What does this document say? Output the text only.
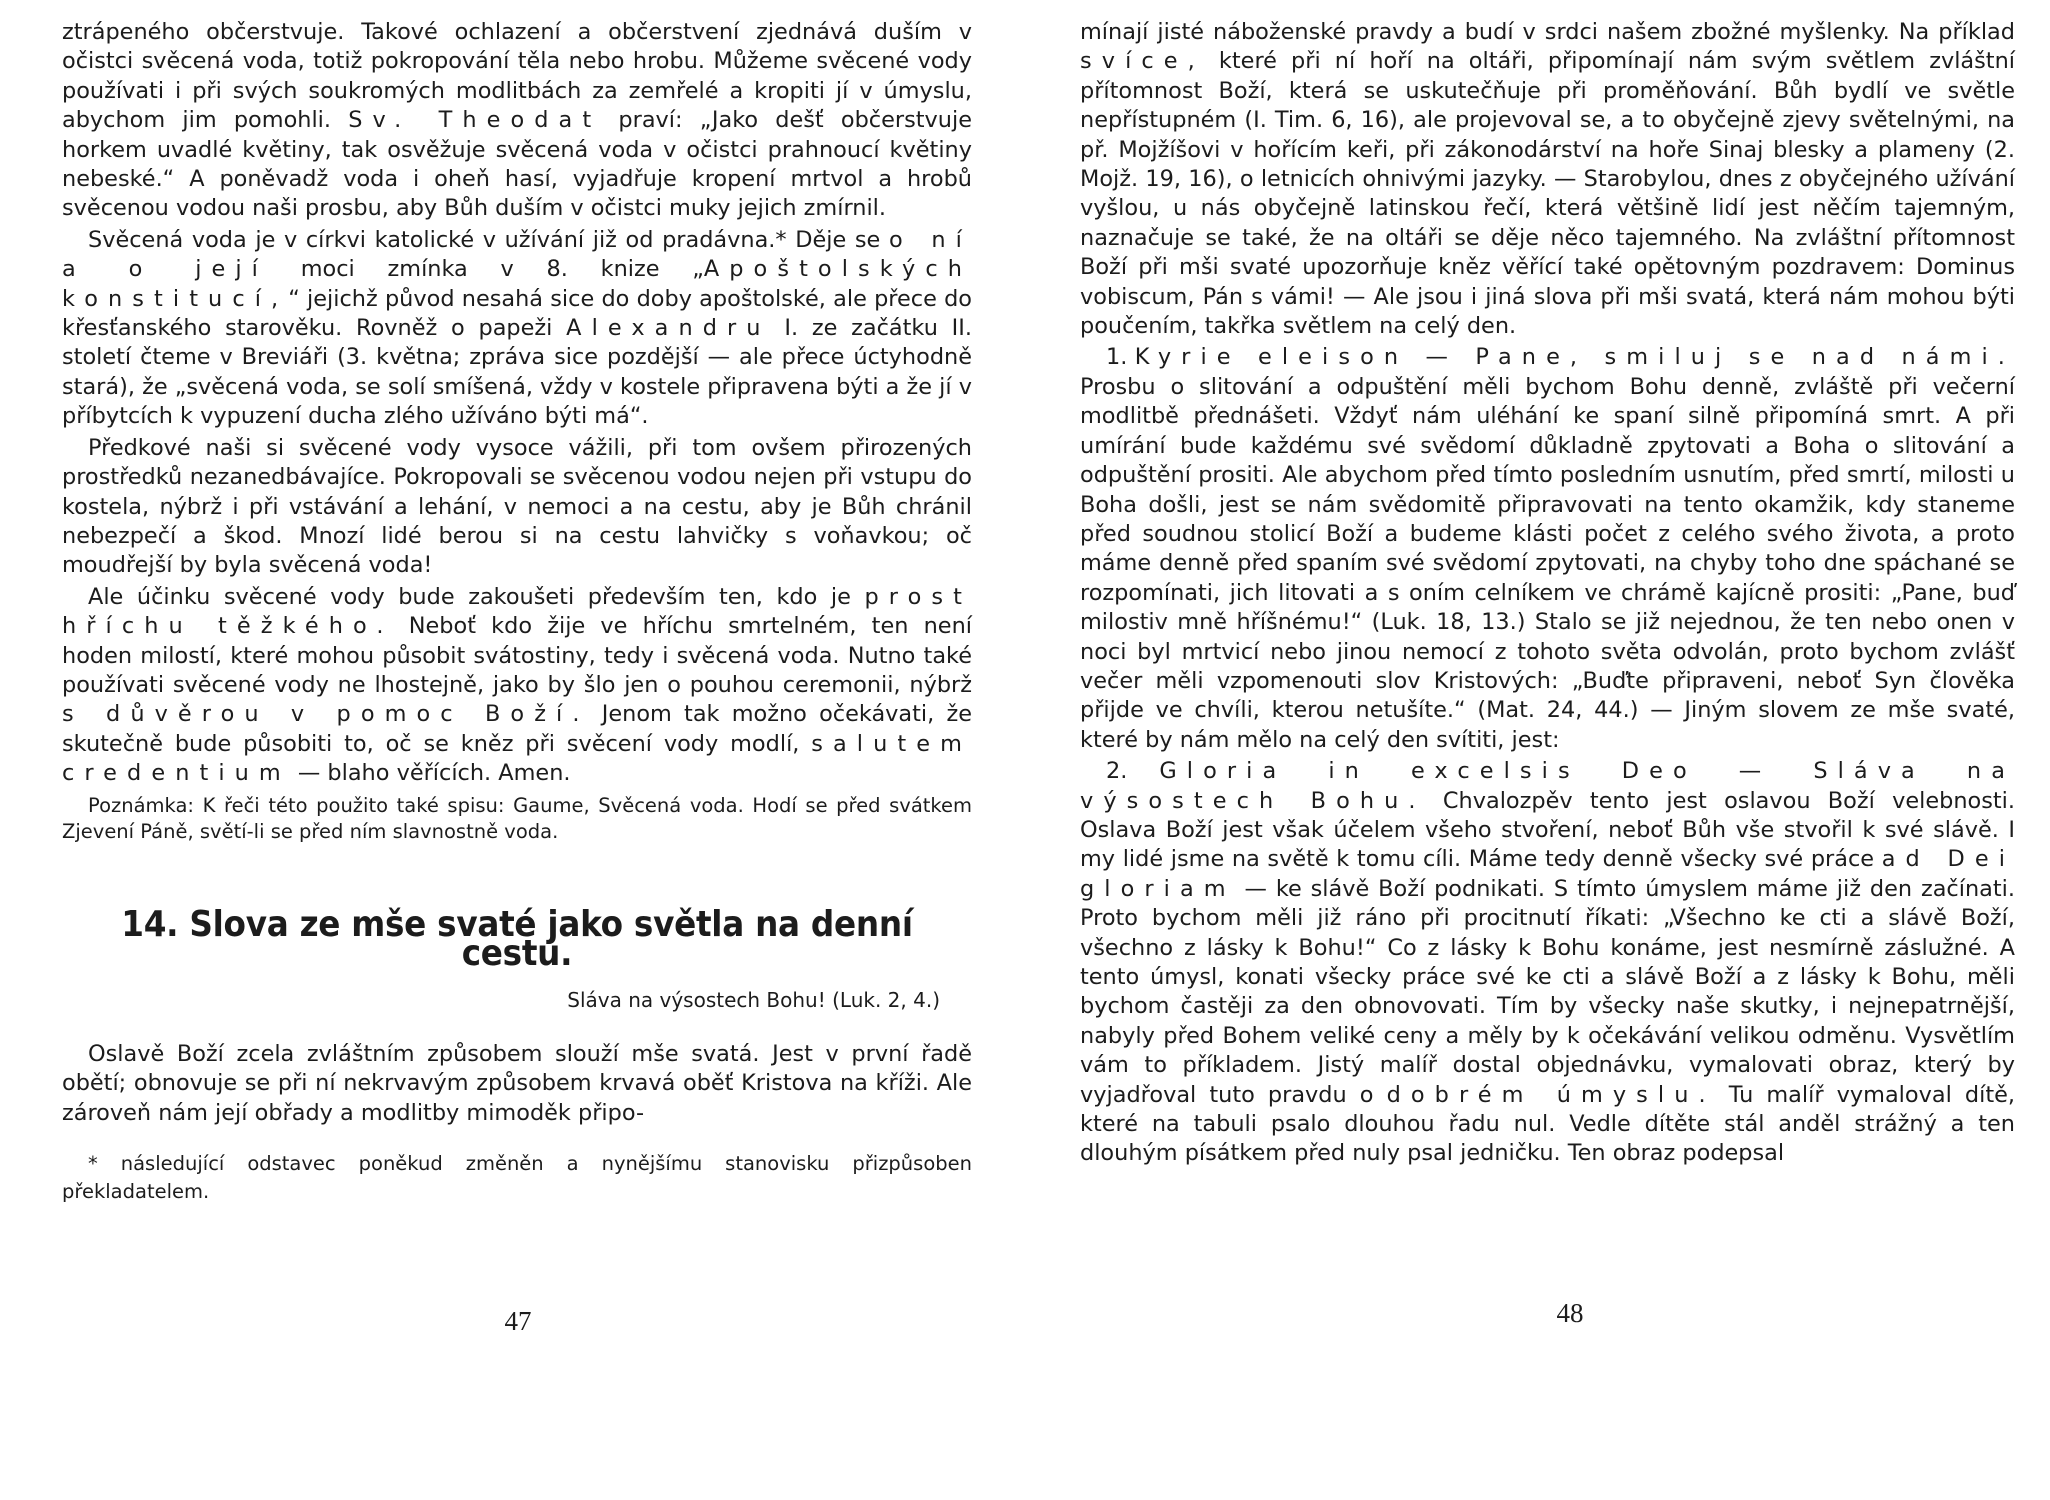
ztrápeného občerstvuje. Takové ochlazení a občerstvení zjednává duším v očistci svěcená voda, totiž pokropování těla nebo hrobu. Můžeme svěcené vody používati i při svých soukromých modlitbách za zemřelé a kropiti jí v úmyslu, abychom jim pomohli. Sv. Theodat praví: „Jako dešť občerstvuje horkem uvadlé květiny, tak osvěžuje svěcená voda v očistci prahnoucí květiny nebeské.“ A poněvadž voda i oheň hasí, vyjadřuje kropení mrtvol a hrobů svěcenou vodou naši prosbu, aby Bůh duším v očistci muky jejich zmírnil.

Svěcená voda je v církvi katolické v užívání již od pradávna.* Děje se o ní a o její moci zmínka v 8. knize „Apoštolských konstitucí,“ jejichž původ nesahá sice do doby apoštolské, ale přece do křesťanského starověku. Rovněž o papeži Alexandru I. ze začátku II. století čteme v Breviáři (3. května; zpráva sice pozdější — ale přece úctyhodně stará), že „svěcená voda, se solí smíšená, vždy v kostele připravena býti a že jí v příbytcích k vypuzení ducha zlého užíváno býti má“.

Předkové naši si svěcené vody vysoce vážili, při tom ovšem přirozených prostředků nezanedbávajíce. Pokropovali se svěcenou vodou nejen při vstupu do kostela, nýbrž i při vstávání a lehání, v nemoci a na cestu, aby je Bůh chránil nebezpečí a škod. Mnozí lidé berou si na cestu lahvičky s voňavkou; oč moudřejší by byla svěcená voda!

Ale účinku svěcené vody bude zakoušeti především ten, kdo je prost hříchu těžkého. Neboť kdo žije ve hříchu smrtelném, ten není hoden milostí, které mohou působit svátostiny, tedy i svěcená voda. Nutno také používati svěcené vody ne lhostejně, jako by šlo jen o pouhou ceremonii, nýbrž s důvěrou v pomoc Boží. Jenom tak možno očekávati, že skutečně bude působiti to, oč se kněz při svěcení vody modlí, salutem credentium — blaho věřících. Amen.

Poznámka: K řeči této použito také spisu: Gaume, Svěcená voda. Hodí se před svátkem Zjevení Páně, světí-li se před ním slavnostně voda.

14. Slova ze mše svaté jako světla na denní cestu.

Sláva na výsostech Bohu! (Luk. 2, 4.)

Oslavě Boží zcela zvláštním způsobem slouží mše svatá. Jest v první řadě obětí; obnovuje se při ní nekrvavým způsobem krvavá oběť Kristova na kříži. Ale zároveň nám její obřady a modlitby mimoděk připo-

* následující odstavec poněkud změněn a nynějšímu stanovisku přizpůsoben překladatelem.

47

mínají jisté náboženské pravdy a budí v srdci našem zbožné myšlenky. Na příklad svíce, které při ní hoří na oltáři, připomínají nám svým světlem zvláštní přítomnost Boží, která se uskutečňuje při proměňování. Bůh bydlí ve světle nepřístupném (I. Tim. 6, 16), ale projevoval se, a to obyčejně zjevy světelnými, na př. Mojžíšovi v hořícím keři, při zákonodárství na hoře Sinaj blesky a plameny (2. Mojž. 19, 16), o letnicích ohnivými jazyky. — Starobylou, dnes z obyčejného užívání vyšlou, u nás obyčejně latinskou řečí, která většině lidí jest něčím tajemným, naznačuje se také, že na oltáři se děje něco tajemného. Na zvláštní přítomnost Boží při mši svaté upozorňuje kněz věřící také opětovným pozdravem: Dominus vobiscum, Pán s vámi! — Ale jsou i jiná slova při mši svatá, která nám mohou býti poučením, takřka světlem na celý den.

1. Kyrie eleison — Pane, smiluj se nad námi. Prosbu o slitování a odpuštění měli bychom Bohu denně, zvláště při večerní modlitbě přednášeti. Vždyť nám uléhání ke spaní silně připomíná smrt. A při umírání bude každému své svědomí důkladně zpytovati a Boha o slitování a odpuštění prositi. Ale abychom před tímto posledním usnutím, před smrtí, milosti u Boha došli, jest se nám svědomitě připravovati na tento okamžik, kdy staneme před soudnou stolicí Boží a budeme klásti počet z celého svého života, a proto máme denně před spaním své svědomí zpytovati, na chyby toho dne spáchané se rozpomínati, jich litovati a s oním celníkem ve chrámě kajícně prositi: „Pane, buď milostiv mně hříšnému!“ (Luk. 18, 13.) Stalo se již nejednou, že ten nebo onen v noci byl mrtvicí nebo jinou nemocí z tohoto světa odvolán, proto bychom zvlášť večer měli vzpomenouti slov Kristových: „Buďte připraveni, neboť Syn člověka přijde ve chvíli, kterou netušíte.“ (Mat. 24, 44.) — Jiným slovem ze mše svaté, které by nám mělo na celý den svítiti, jest:

2. Gloria in excelsis Deo — Sláva na výsostech Bohu. Chvalozpěv tento jest oslavou Boží velebnosti. Oslava Boží jest však účelem všeho stvoření, neboť Bůh vše stvořil k své slávě. I my lidé jsme na světě k tomu cíli. Máme tedy denně všecky své práce ad Dei gloriam — ke slávě Boží podnikati. S tímto úmyslem máme již den začínati. Proto bychom měli již ráno při procitnutí říkati: „Všechno ke cti a slávě Boží, všechno z lásky k Bohu!“ Co z lásky k Bohu konáme, jest nesmírně záslužné. A tento úmysl, konati všecky práce své ke cti a slávě Boží a z lásky k Bohu, měli bychom častěji za den obnovovati. Tím by všecky naše skutky, i nejnepatrnější, nabyly před Bohem veliké ceny a měly by k očekávání velikou odměnu. Vysvětlím vám to příkladem. Jistý malíř dostal objednávku, vymalovati obraz, který by vyjadřoval tuto pravdu o dobrém úmyslu. Tu malíř vymaloval dítě, které na tabuli psalo dlouhou řadu nul. Vedle dítěte stál anděl strážný a ten dlouhým písátkem před nuly psal jedničku. Ten obraz podepsal

48
